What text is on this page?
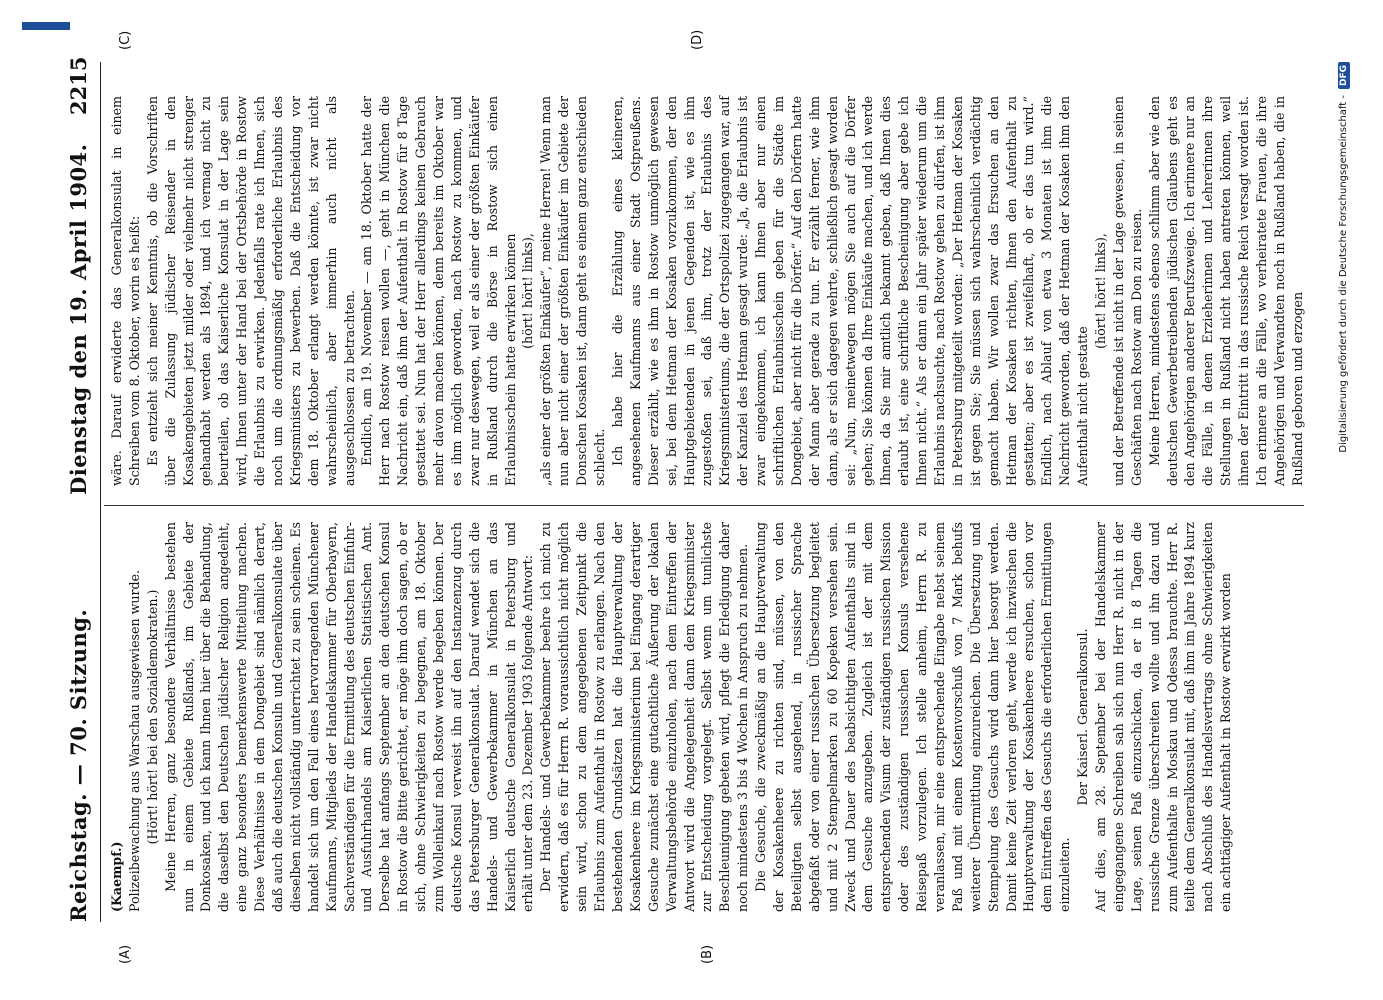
Reichstag. — 70. Sitzung.
Dienstag den 19. April 1904.
2215
(A)	(B)
(C)	(D)

(Kaempf.) Polizeibewachung aus Warschau ausgewiesen wurde. (Hört! hört! bei den Sozialdemokraten.) Meine Herren, ganz besondere Verhältnisse bestehen nun in einem Gebiete Rußlands, im Gebiete der Donkosaken, und ich kann Ihnen hier über die Behandlung, die daselbst den Deutschen jüdischer Religion angedeiht, eine ganz besonders bemerkenswerte Mitteilung machen. Diese Verhältnisse in dem Dongebiet sind nämlich derart, daß auch die deutschen Konsuln und Generalkonsulate über dieselben nicht vollständig unterrichtet zu sein scheinen. Es handelt sich um den Fall eines hervorragenden Münchener Kaufmanns, Mitglieds der Handelskammer für Oberbayern, Sachverständigen für die Ermittlung des deutschen Einfuhr- und Ausfuhrhandels am Kaiserlichen Statistischen Amt. Derselbe hat anfangs September an den deutschen Konsul in Rostow die Bitte gerichtet, er möge ihm doch sagen, ob er sich, ohne Schwierigkeiten zu begegnen, am 18. Oktober zum Wolleinkauf nach Rostow werde begeben können. Der deutsche Konsul verweist ihn auf den Instanzenzug durch das Petersburger Generalkonsulat. Darauf wendet sich die Handels- und Gewerbekammer in München an das Kaiserlich deutsche Generalkonsulat in Petersburg und erhält unter dem 23. Dezember 1903 folgende Antwort: Der Handels- und Gewerbekammer beehre ich mich zu erwidern, daß es für Herrn R. voraussichtlich nicht möglich sein wird, schon zu dem angegebenen Zeitpunkt die Erlaubnis zum Aufenthalt in Rostow zu erlangen. Nach den bestehenden Grundsätzen hat die Hauptverwaltung der Kosakenheere im Kriegsministerium bei Eingang derartiger Gesuche zunächst eine gutachtliche Äußerung der lokalen Verwaltungsbehörde einzuholen, nach dem Eintreffen der Antwort wird die Angelegenheit dann dem Kriegsminister zur Entscheidung vorgelegt. Selbst wenn um tunlichste Beschleunigung gebeten wird, pflegt die Erledigung daher noch mindestens 3 bis 4 Wochen in Anspruch zu nehmen. Die Gesuche, die zweckmäßig an die Hauptverwaltung der Kosakenheere zu richten sind, müssen, von den Beteiligten selbst ausgehend, in russischer Sprache abgefaßt oder von einer russischen Übersetzung begleitet und mit 2 Stempelmarken zu 60 Kopeken versehen sein. Zweck und Dauer des beabsichtigten Aufenthalts sind in dem Gesuche anzugeben. Zugleich ist der mit dem entsprechenden Visum der zuständigen russischen Mission oder des zuständigen russischen Konsuls versehene Reisepaß vorzulegen. Ich stelle anheim, Herrn R. zu veranlassen, mir eine entsprechende Eingabe nebst seinem Paß und mit einem Kostenvorschuß von 7 Mark behufs weiterer Übermittlung einzureichen. Die Übersetzung und Stempelung des Gesuchs wird dann hier besorgt werden. Damit keine Zeit verloren geht, werde ich inzwischen die Hauptverwaltung der Kosakenheere ersuchen, schon vor dem Eintreffen des Gesuchs die erforderlichen Ermittlungen einzuleiten.

Der Kaiserl. Generalkonsul. Auf dies, am 28. September bei der Handelskammer eingegangene Schreiben sah sich nun Herr R. nicht in der Lage, seinen Paß einzuschicken, da er in 8 Tagen die russische Grenze überschreiten wollte und ihn dazu und zum Aufenthalte in Moskau und Odessa brauchte. Herr R. teilte dem Generalkonsulat mit, daß ihm im Jahre 1894 kurz nach Abschluß des Handelsvertrags ohne Schwierigkeiten ein achttägiger Aufenthalt in Rostow erwirkt worden

wäre. Darauf erwiderte das Generalkonsulat in einem Schreiben vom 8. Oktober, worin es heißt: Es entzieht sich meiner Kenntnis, ob die Vorschriften über die Zulassung jüdischer Reisender in den Kosakengebieten jetzt milder oder vielmehr nicht strenger gehandhabt werden als 1894, und ich vermag nicht zu beurteilen, ob das Kaiserliche Konsulat in der Lage sein wird, Ihnen unter der Hand bei der Ortsbehörde in Rostow die Erlaubnis zu erwirken. Jedenfalls rate ich Ihnen, sich noch um die ordnungsmäßig erforderliche Erlaubnis des Kriegsministers zu bewerben. Daß die Entscheidung vor dem 18. Oktober erlangt werden könnte, ist zwar nicht wahrscheinlich, aber immerhin auch nicht als ausgeschlossen zu betrachten. Endlich, am 19. November — am 18. Oktober hatte der Herr nach Rostow reisen wollen —, geht in München die Nachricht ein, daß ihm der Aufenthalt in Rostow für 8 Tage gestattet sei. Nun hat der Herr allerdings keinen Gebrauch mehr davon machen können, denn bereits im Oktober war es ihm möglich geworden, nach Rostow zu kommen, und zwar nur deswegen, weil er als einer der größten Einkäufer in Rußland durch die Börse in Rostow sich einen Erlaubnisschein hatte erwirken können (hört! hört! links), „als einer der größten Einkäufer“, meine Herren! Wenn man nun aber nicht einer der größten Einkäufer im Gebiete der Donschen Kosaken ist, dann geht es einem ganz entschieden schlecht. Ich habe hier die Erzählung eines kleineren, angesehenen Kaufmanns aus einer Stadt Ostpreußens. Dieser erzählt, wie es ihm in Rostow unmöglich gewesen sei, bei dem Hetman der Kosaken vorzukommen, der den Hauptgebietenden in jenen Gegenden ist, wie es ihm zugestoßen sei, daß ihm, trotz der Erlaubnis des Kriegsministeriums, die der Ortspolizei zugegangen war, auf der Kanzlei des Hetman gesagt wurde: „Ja, die Erlaubnis ist zwar eingekommen, ich kann Ihnen aber nur einen schriftlichen Erlaubnisschein geben für die Städte im Dongebiet, aber nicht für die Dörfer.“ Auf den Dörfern hatte der Mann aber gerade zu tun. Er erzählt ferner, wie ihm dann, als er sich dagegen wehrte, schließlich gesagt worden sei: „Nun, meinetwegen mögen Sie auch auf die Dörfer gehen; Sie können da Ihre Einkäufe machen, und ich werde Ihnen, da Sie mir amtlich bekannt geben, daß Ihnen dies erlaubt ist, eine schriftliche Bescheinigung aber gebe ich Ihnen nicht.“ Als er dann ein Jahr später wiederum um die Erlaubnis nachsuchte, nach Rostow gehen zu dürfen, ist ihm in Petersburg mitgeteilt worden: „Der Hetman der Kosaken ist gegen Sie; Sie müssen sich wahrscheinlich verdächtig gemacht haben. Wir wollen zwar das Ersuchen an den Hetman der Kosaken richten, Ihnen den Aufenthalt zu gestatten; aber es ist zweifelhaft, ob er das tun wird.“ Endlich, nach Ablauf von etwa 3 Monaten ist ihm die Nachricht geworden, daß der Hetman der Kosaken ihm den Aufenthalt nicht gestatte

(hört! hört! links), und der Betreffende ist nicht in der Lage gewesen, in seinen Geschäften nach Rostow am Don zu reisen. Meine Herren, mindestens ebenso schlimm aber wie den deutschen Gewerbetreibenden jüdischen Glaubens geht es den Angehörigen anderer Berufszweige. Ich erinnere nur an die Fälle, in denen Erzieherinnen und Lehrerinnen ihre Stellungen in Rußland nicht haben antreten können, weil ihnen der Eintritt in das russische Reich versagt worden ist. Ich erinnere an die Fälle, wo verheiratete Frauen, die ihre Angehörigen und Verwandten noch in Rußland haben, die in Rußland geboren und erzogen	Digitalisierung gefördert durch die Deutsche Forschungsgemeinschaft -DFG
